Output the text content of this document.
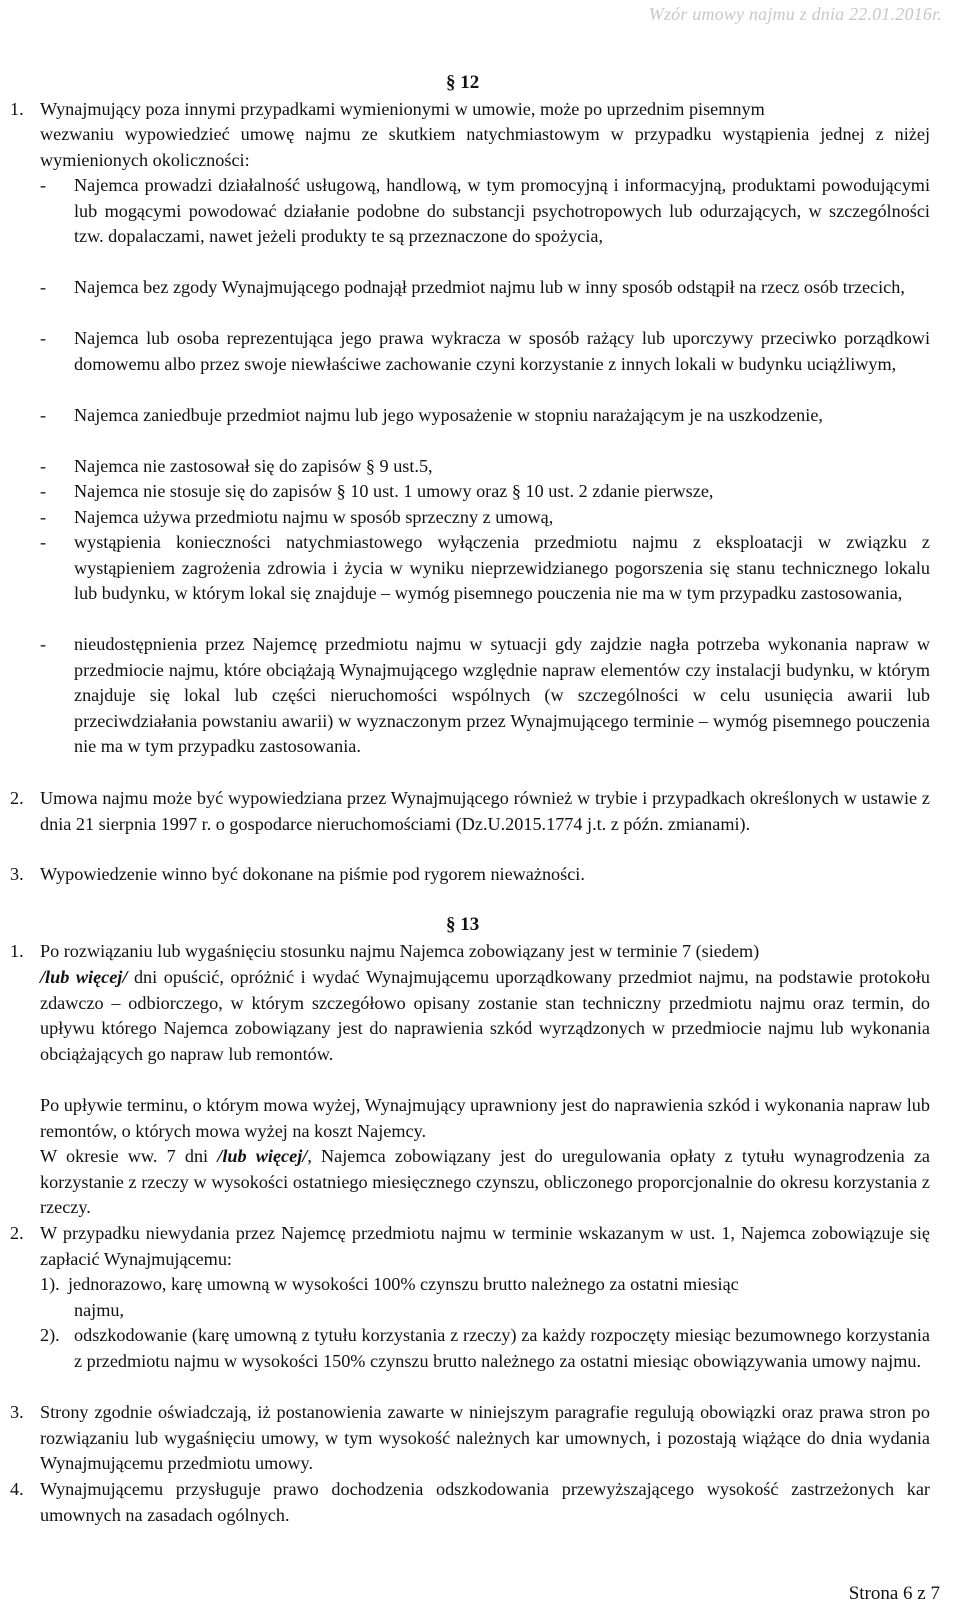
Wzór umowy najmu z dnia 22.01.2016r.
§ 12
1. Wynajmujący poza innymi przypadkami wymienionymi w umowie, może po uprzednim pisemnym
wezwaniu wypowiedzieć umowę najmu ze skutkiem natychmiastowym w przypadku wystąpienia jednej z niżej wymienionych okoliczności:
- Najemca prowadzi działalność usługową, handlową, w tym promocyjną i informacyjną, produktami powodującymi lub mogącymi powodować działanie podobne do substancji psychotropowych lub odurzających, w szczególności tzw. dopalaczami, nawet jeżeli produkty te są przeznaczone do spożycia,
- Najemca bez zgody Wynajmującego podnajął przedmiot najmu lub w inny sposób odstąpił na rzecz osób trzecich,
- Najemca lub osoba reprezentująca jego prawa wykracza w sposób rażący lub uporczywy przeciwko porządkowi domowemu albo przez swoje niewłaściwe zachowanie czyni korzystanie z innych lokali w budynku uciążliwym,
- Najemca zaniedbuje przedmiot najmu lub jego wyposażenie w stopniu narażającym je na uszkodzenie,
- Najemca nie zastosował się do zapisów § 9 ust.5,
- Najemca nie stosuje się do zapisów § 10 ust. 1 umowy oraz § 10 ust. 2 zdanie pierwsze,
- Najemca używa przedmiotu najmu w sposób sprzeczny z umową,
- wystąpienia konieczności natychmiastowego wyłączenia przedmiotu najmu z eksploatacji w związku z wystąpieniem zagrożenia zdrowia i życia w wyniku nieprzewidzianego pogorszenia się stanu technicznego lokalu lub budynku, w którym lokal się znajduje – wymóg pisemnego pouczenia nie ma w tym przypadku zastosowania,
- nieudostępnienia przez Najemcę przedmiotu najmu w sytuacji gdy zajdzie nagła potrzeba wykonania napraw w przedmiocie najmu, które obciążają Wynajmującego względnie napraw elementów czy instalacji budynku, w którym znajduje się lokal lub części nieruchomości wspólnych (w szczególności w celu usunięcia awarii lub przeciwdziałania powstaniu awarii) w wyznaczonym przez Wynajmującego terminie – wymóg pisemnego pouczenia nie ma w tym przypadku zastosowania.
2. Umowa najmu może być wypowiedziana przez Wynajmującego również w trybie i przypadkach określonych w ustawie z dnia 21 sierpnia 1997 r. o gospodarce nieruchomościami (Dz.U.2015.1774 j.t. z późn. zmianami).
3. Wypowiedzenie winno być dokonane na piśmie pod rygorem nieważności.
§ 13
1. Po rozwiązaniu lub wygaśnięciu stosunku najmu Najemca zobowiązany jest w terminie 7 (siedem)
/lub więcej/ dni opuścić, opróżnić i wydać Wynajmującemu uporządkowany przedmiot najmu, na podstawie protokołu zdawczo – odbiorczego, w którym szczegółowo opisany zostanie stan techniczny przedmiotu najmu oraz termin, do upływu którego Najemca zobowiązany jest do naprawienia szkód wyrządzonych w przedmiocie najmu lub wykonania obciążających go napraw lub remontów.
Po upływie terminu, o którym mowa wyżej, Wynajmujący uprawniony jest do naprawienia szkód i wykonania napraw lub remontów, o których mowa wyżej na koszt Najemcy.
W okresie ww. 7 dni /lub więcej/, Najemca zobowiązany jest do uregulowania opłaty z tytułu wynagrodzenia za korzystanie z rzeczy w wysokości ostatniego miesięcznego czynszu, obliczonego proporcjonalnie do okresu korzystania z rzeczy.
2. W przypadku niewydania przez Najemcę przedmiotu najmu w terminie wskazanym w ust. 1, Najemca zobowiązuje się zapłacić Wynajmującemu:
1). jednorazowo, karę umowną w wysokości 100% czynszu brutto należnego za ostatni miesiąc
najmu,
2). odszkodowanie (karę umowną z tytułu korzystania z rzeczy) za każdy rozpoczęty miesiąc bezumownego korzystania z przedmiotu najmu w wysokości 150% czynszu brutto należnego za ostatni miesiąc obowiązywania umowy najmu.
3. Strony zgodnie oświadczają, iż postanowienia zawarte w niniejszym paragrafie regulują obowiązki oraz prawa stron po rozwiązaniu lub wygaśnięciu umowy, w tym wysokość należnych kar umownych, i pozostają wiążące do dnia wydania Wynajmującemu przedmiotu umowy.
4. Wynajmującemu przysługuje prawo dochodzenia odszkodowania przewyższającego wysokość zastrzeżonych kar umownych na zasadach ogólnych.
Strona 6 z 7
